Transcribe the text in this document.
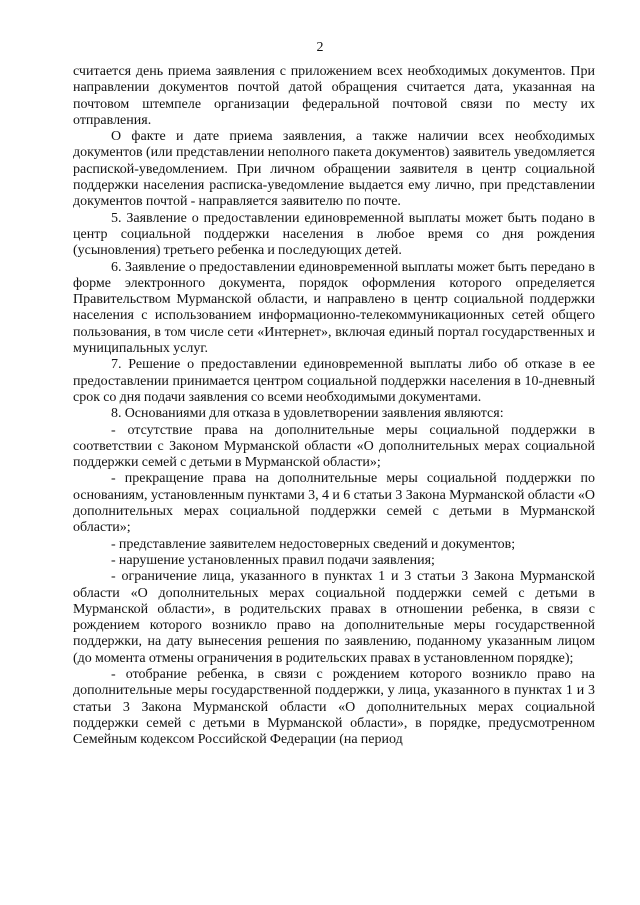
2

считается день приема заявления с приложением всех необходимых документов. При направлении документов почтой датой обращения считается дата, указанная на почтовом штемпеле организации федеральной почтовой связи по месту их отправления.

О факте и дате приема заявления, а также наличии всех необходимых документов (или представлении неполного пакета документов) заявитель уведомляется распиской-уведомлением. При личном обращении заявителя в центр социальной поддержки населения расписка-уведомление выдается ему лично, при представлении документов почтой - направляется заявителю по почте.

5. Заявление о предоставлении единовременной выплаты может быть подано в центр социальной поддержки населения в любое время со дня рождения (усыновления) третьего ребенка и последующих детей.

6. Заявление о предоставлении единовременной выплаты может быть передано в форме электронного документа, порядок оформления которого определяется Правительством Мурманской области, и направлено в центр социальной поддержки населения с использованием информационно-телекоммуникационных сетей общего пользования, в том числе сети «Интернет», включая единый портал государственных и муниципальных услуг.

7. Решение о предоставлении единовременной выплаты либо об отказе в ее предоставлении принимается центром социальной поддержки населения в 10-дневный срок со дня подачи заявления со всеми необходимыми документами.

8. Основаниями для отказа в удовлетворении заявления являются:

- отсутствие права на дополнительные меры социальной поддержки в соответствии с Законом Мурманской области «О дополнительных мерах социальной поддержки семей с детьми в Мурманской области»;

- прекращение права на дополнительные меры социальной поддержки по основаниям, установленным пунктами 3, 4 и 6 статьи 3 Закона Мурманской области «О дополнительных мерах социальной поддержки семей с детьми в Мурманской области»;

- представление заявителем недостоверных сведений и документов;

- нарушение установленных правил подачи заявления;

- ограничение лица, указанного в пунктах 1 и 3 статьи 3 Закона Мурманской области «О дополнительных мерах социальной поддержки семей с детьми в Мурманской области», в родительских правах в отношении ребенка, в связи с рождением которого возникло право на дополнительные меры государственной поддержки, на дату вынесения решения по заявлению, поданному указанным лицом (до момента отмены ограничения в родительских правах в установленном порядке);

- отобрание ребенка, в связи с рождением которого возникло право на дополнительные меры государственной поддержки, у лица, указанного в пунктах 1 и 3 статьи 3 Закона Мурманской области «О дополнительных мерах социальной поддержки семей с детьми в Мурманской области», в порядке, предусмотренном Семейным кодексом Российской Федерации (на период
